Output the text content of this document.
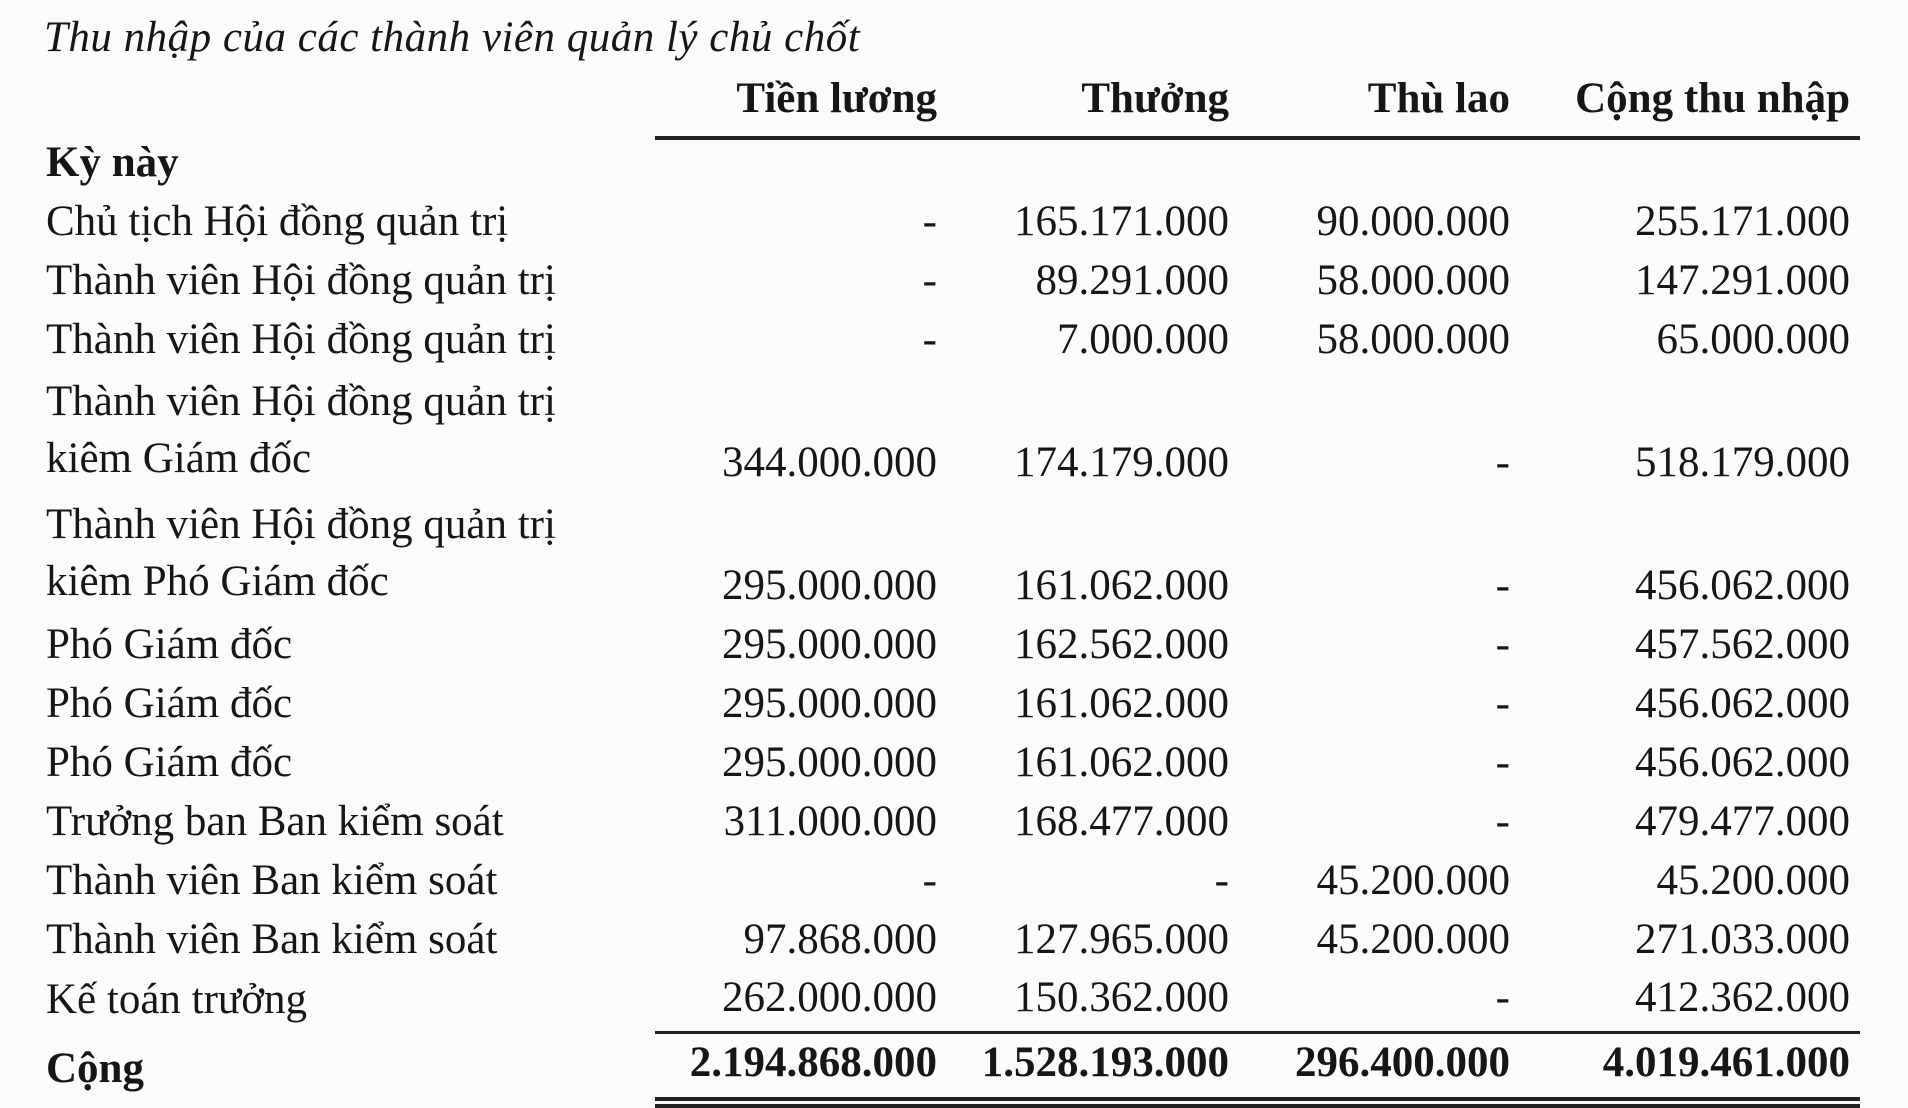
Thu nhập của các thành viên quản lý chủ chốt
	Tiền lương	Thưởng	Thù lao	Cộng thu nhập
Kỳ này				
Chủ tịch Hội đồng quản trị	-	165.171.000	90.000.000	255.171.000
Thành viên Hội đồng quản trị	-	89.291.000	58.000.000	147.291.000
Thành viên Hội đồng quản trị	-	7.000.000	58.000.000	65.000.000

Thành viên Hội đồng quản trị
kiêm Giám đốc	344.000.000	174.179.000	-	518.179.000

Thành viên Hội đồng quản trị
kiêm Phó Giám đốc	295.000.000	161.062.000	-	456.062.000
Phó Giám đốc	295.000.000	162.562.000	-	457.562.000
Phó Giám đốc	295.000.000	161.062.000	-	456.062.000
Phó Giám đốc	295.000.000	161.062.000	-	456.062.000
Trưởng ban Ban kiểm soát	311.000.000	168.477.000	-	479.477.000
Thành viên Ban kiểm soát	-	-	45.200.000	45.200.000
Thành viên Ban kiểm soát	97.868.000	127.965.000	45.200.000	271.033.000
Kế toán trưởng	262.000.000	150.362.000	-	412.362.000
Cộng	2.194.868.000	1.528.193.000	296.400.000	4.019.461.000
